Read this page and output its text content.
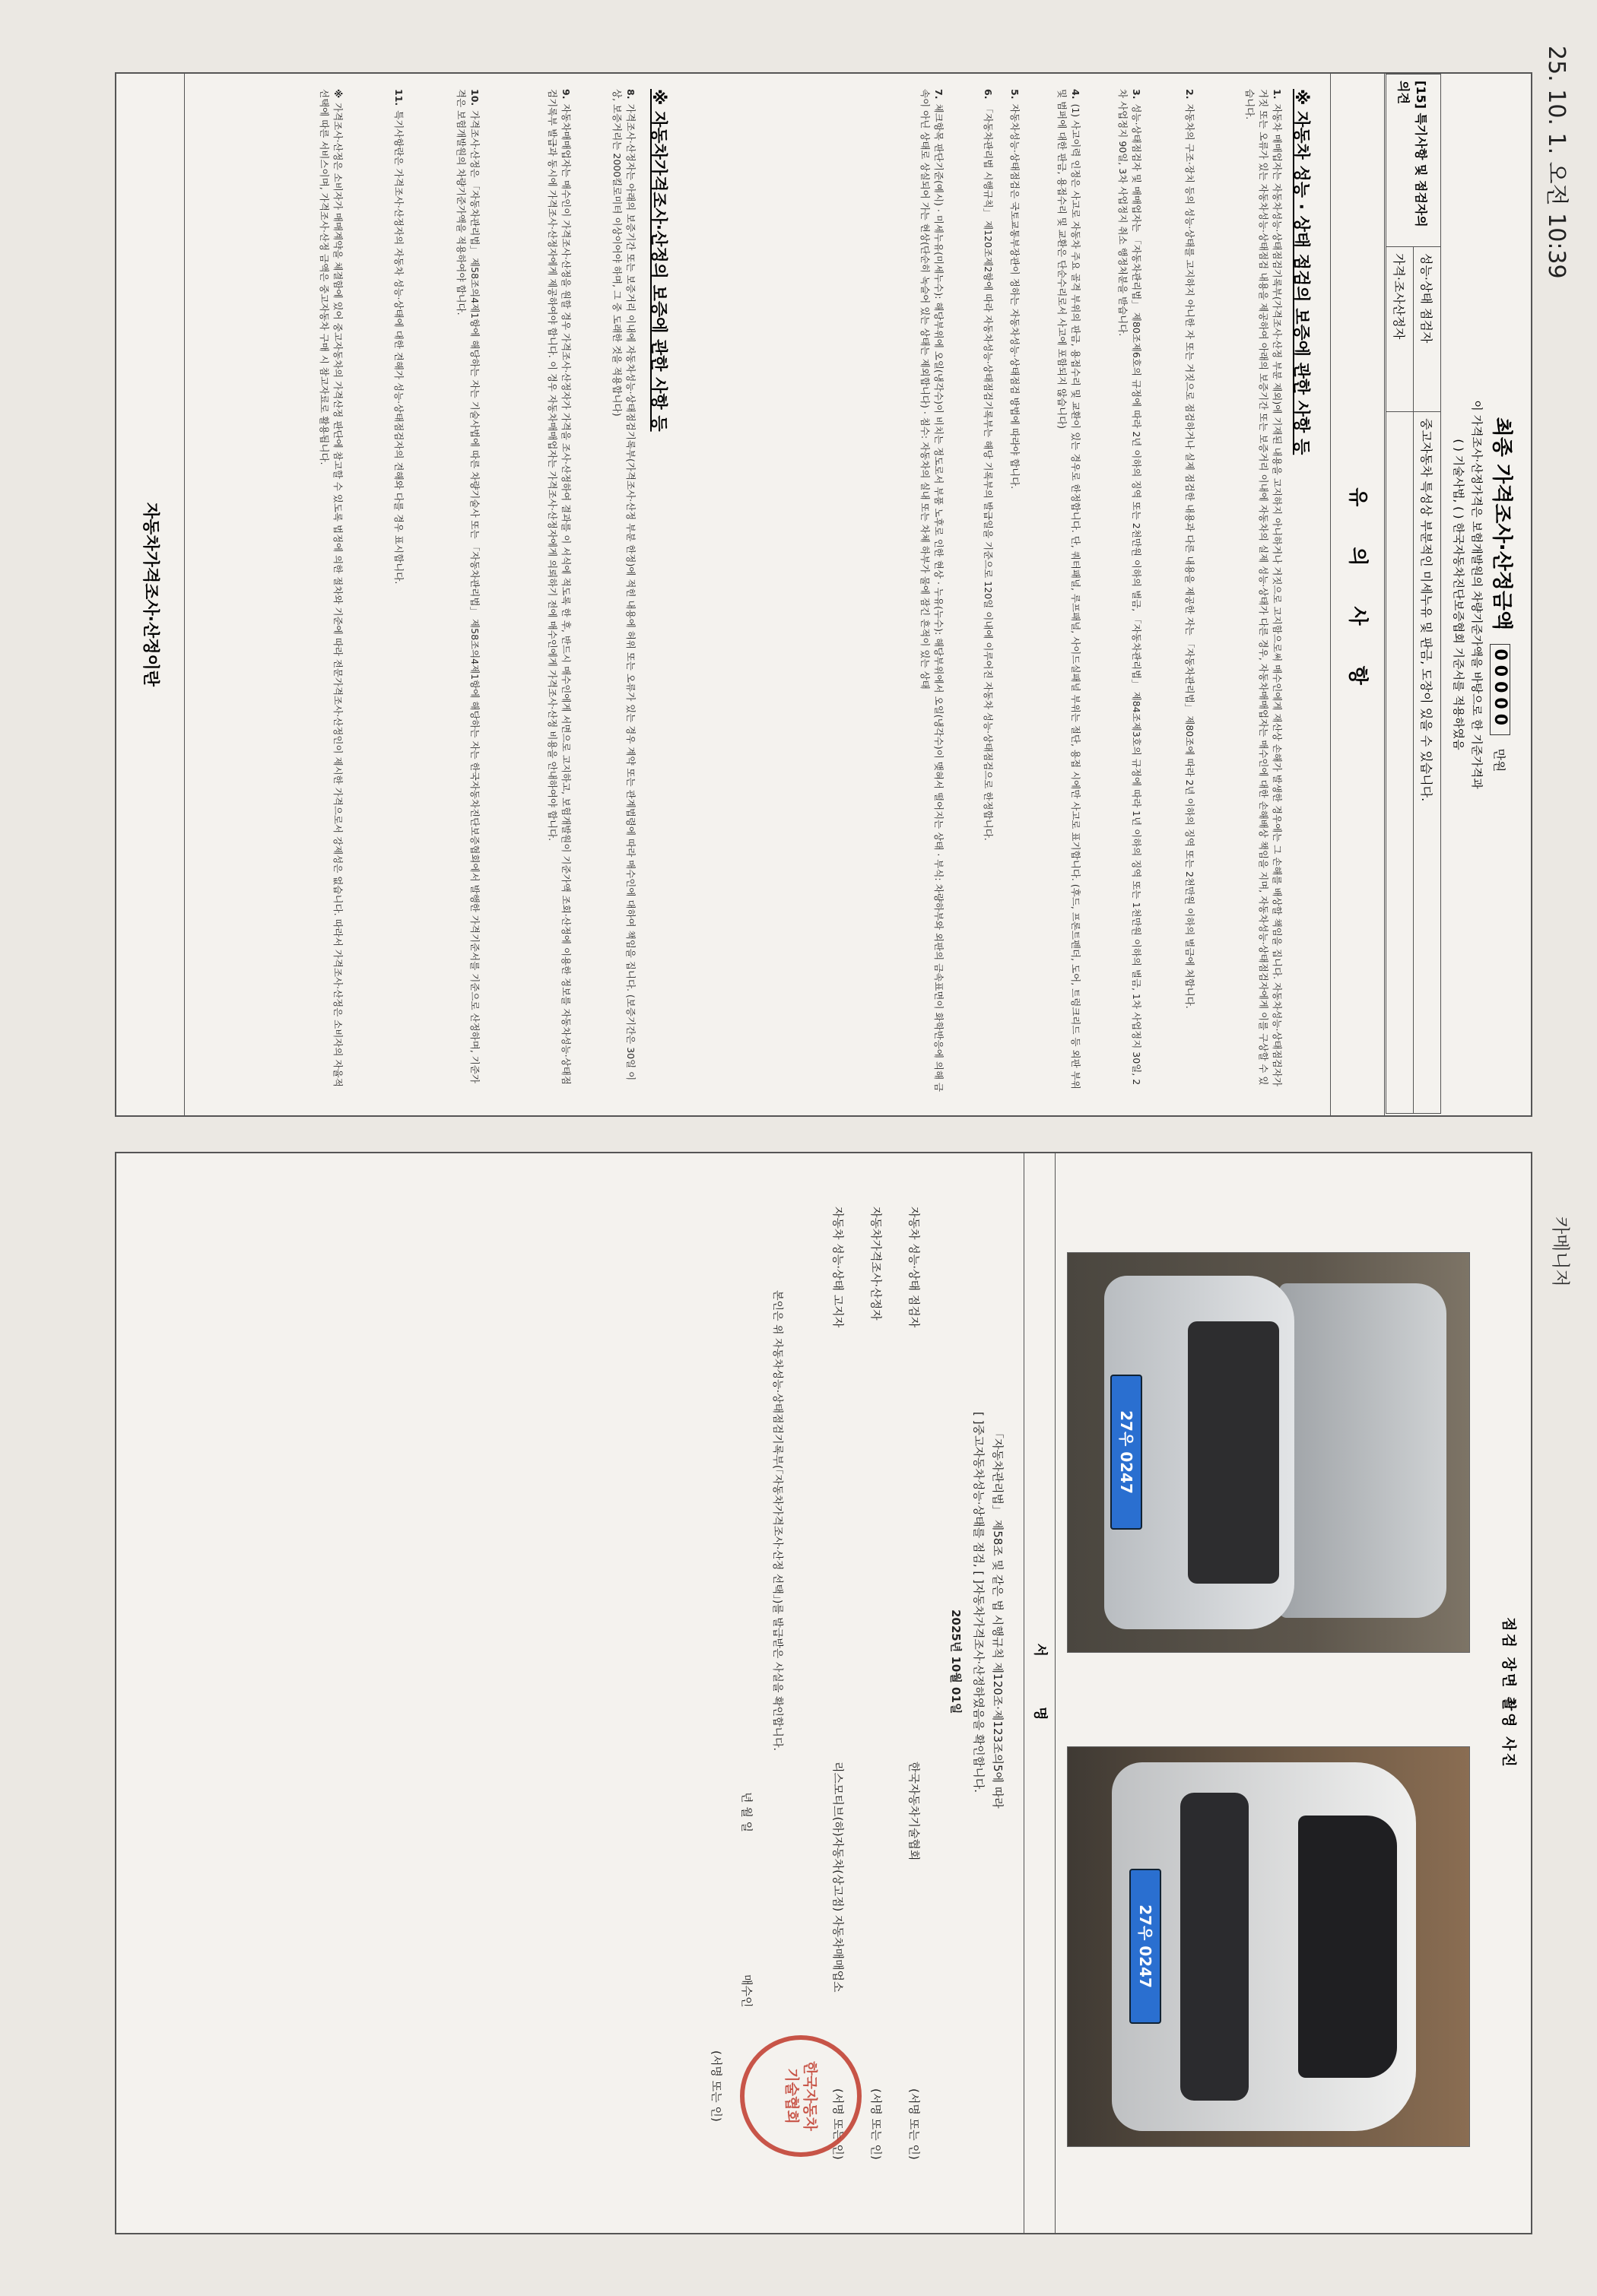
25. 10. 1. 오전 10:39
카메니저
최종 가격조사·산정금액 00000 만원
이 가격조사·산정가격은 보험개발원의 차량기준가액을 바탕으로 한 기준가격과
( ) 기술사법, ( ) 한국자동차진단보증협회 기준서를 적용하였음
[15] 특기사항 및 점검자의 의견	성능·상태 점검자	중고자동차 특성상 부분적인 미세누유 및 판금, 도장이 있을 수 있습니다.
	가격·조사산정자	
유 의 사 항
※ 자동차 성능 · 상태 점검의 보증에 관한 사항 등
1.자동차 매매업자는 자동차성능·상태점검기록부(가격조사·산정 부분 제외)에 기재된 내용을 고지하지 아니하거나 거짓으로 고지함으로써 매수인에게 재산상 손해가 발생한 경우에는 그 손해를 배상할 책임을 집니다. 자동차성능·상태점검자가 거짓 또는 오류가 있는 자동차성능·상태점검 내용을 제공하여 아래의 보증기간 또는 보증거리 이내에 자동차의 실제 성능·상태가 다른 경우, 자동차매매업자는 매수인에 대한 손해배상 책임을 지며, 자동차성능·상태점검자에게 이를 구상할 수 있습니다.
2.자동차의 구조·장치 등의 성능·상태를 고지하지 아니한 자 또는 거짓으로 점검하거나 실제 점검한 내용과 다른 내용을 제공한 자는 「자동차관리법」 제80조에 따라 2년 이하의 징역 또는 2천만원 이하의 벌금에 처합니다.
3.성능·상태점검자 및 매매업자는 「자동차관리법」 제80조제6호의 규정에 따라 2년 이하의 징역 또는 2천만원 이하의 벌금, 「자동차관리법」 제84조제3호의 규정에 따라 1년 이하의 징역 또는 1천만원 이하의 벌금, 1차 사업정지 30일, 2차 사업정지 90일, 3차 사업정지 취소 행정처분을 받습니다.
4.(1) 사고이력 인정은 사고로 자동차 주요 골격 부위의 판금, 용접수리 및 교환이 있는 경우로 한정합니다. 단, 쿼터패널, 루프패널, 사이드실패널 부위는 절단, 용접 시에만 사고로 표기합니다. (후드, 프론트펜더, 도어, 트렁크리드 등 외판 부위 및 범퍼에 대한 판금, 용접수리 및 교환은 단순수리로서 사고에 포함되지 않습니다)
5.자동차성능·상태점검은 국토교통부장관이 정하는 자동차성능·상태점검 방법에 따라야 합니다.
6.「자동차관리법 시행규칙」 제120조제2항에 따라 자동차성능·상태점검기록부는 해당 기록부의 발급일을 기준으로 120일 이내에 이루어진 자동차 성능·상태점검으로 한정합니다.
7.체크항목 판단기준(예시) · 미세누유(미세누수): 해당부위에 오일(냉각수)이 비치는 정도로서 부품 노후로 인한 현상 · 누유(누수): 해당부위에서 오일(냉각수)이 맺혀서 떨어지는 상태 · 부식: 차량하부와 외판의 금속표면이 화학반응에 의해 금속이 아닌 상태로 상실되어 가는 현상(단순히 녹슬어 있는 상태는 제외합니다) · 침수: 자동차의 실내 또는 차체 하부가 물에 잠긴 흔적이 있는 상태
※ 자동차가격조사·산정의 보증에 관한 사항 등
8.가격조사·산정자는 아래의 보증기간 또는 보증거리 이내에 자동차성능·상태점검기록부(가격조사·산정 부분 한정)에 적힌 내용에 허위 또는 오류가 있는 경우 계약 또는 관계법령에 따라 매수인에 대하여 책임을 집니다. (보증기간은 30일 이상, 보증거리는 2000킬로미터 이상이어야 하며, 그 중 도래한 것을 적용합니다)
9.자동차매매업자는 매수인이 가격조사·산정을 원할 경우 가격조사·산정자가 가격을 조사·산정하여 결과를 이 서식에 적도록 한 후, 반드시 매수인에게 서면으로 고지하고, 보험개발원이 기준가액 조회·산정에 이용한 정보를 자동차성능·상태점검기록부 발급과 동시에 가격조사·산정자에게 제공하여야 합니다. 이 경우 자동차매매업자는 가격조사·산정자에게 의뢰하기 전에 매수인에게 가격조사·산정 비용을 안내하여야 합니다.
10.가격조사·산정은 「자동차관리법」 제58조의4제1항에 해당하는 자는 기술사법에 따른 차량기술사 또는 「자동차관리법」 제58조의4제1항에 해당하는 자는 한국자동차진단보증협회에서 발행한 가격기준서를 기준으로 산정하며, 기준가격은 보험개발원의 차량기준가액을 적용하여야 합니다.
11.특기사항란은 가격조사·산정자의 자동차 성능·상태에 대한 견해가 성능·상태점검자의 견해와 다를 경우 표시합니다.
※가격조사·산정은 소비자가 매매계약을 체결함에 있어 중고자동차의 가격산정 판단에 참고할 수 있도록 법정에 의한 절차와 기준에 따라 전문가격조사·산정인이 제시한 가격으로서 강제성은 없습니다. 따라서 가격조사·산정은 소비자의 자율적 선택에 따른 서비스이며, 가격조사·산정 금액은 중고자동차 구매 시 참고자료로 활용됩니다.
자동차가격조사·산정이란
점검 장면 촬영 사진
27우 0247
27우 0247
서 명
「자동차관리법」 제58조 및 같은 법 시행규칙 제120조·제123조의5에 따라
[ ]중고자동차성능·상태를 점검, [ ]자동차가격조사·산정하였음을 확인합니다.
2025년 10월 01일
자동차 성능·상태 점검자
한국자동차기술협회
(서명 또는 인)
자동차가격조사·산정자
(서명 또는 인)
자동차 성능·상태 고지자
리스모티브(하)자동차(상고점) 자동차매매업소
(서명 또는 인)
본인은 위 자동차성능·상태점검기록부(「자동차가격조사·산정 선택」)를 발급받은 사실을 확인합니다.
년 월 일
매수인
한국자동차기술협회
(서명 또는 인)
